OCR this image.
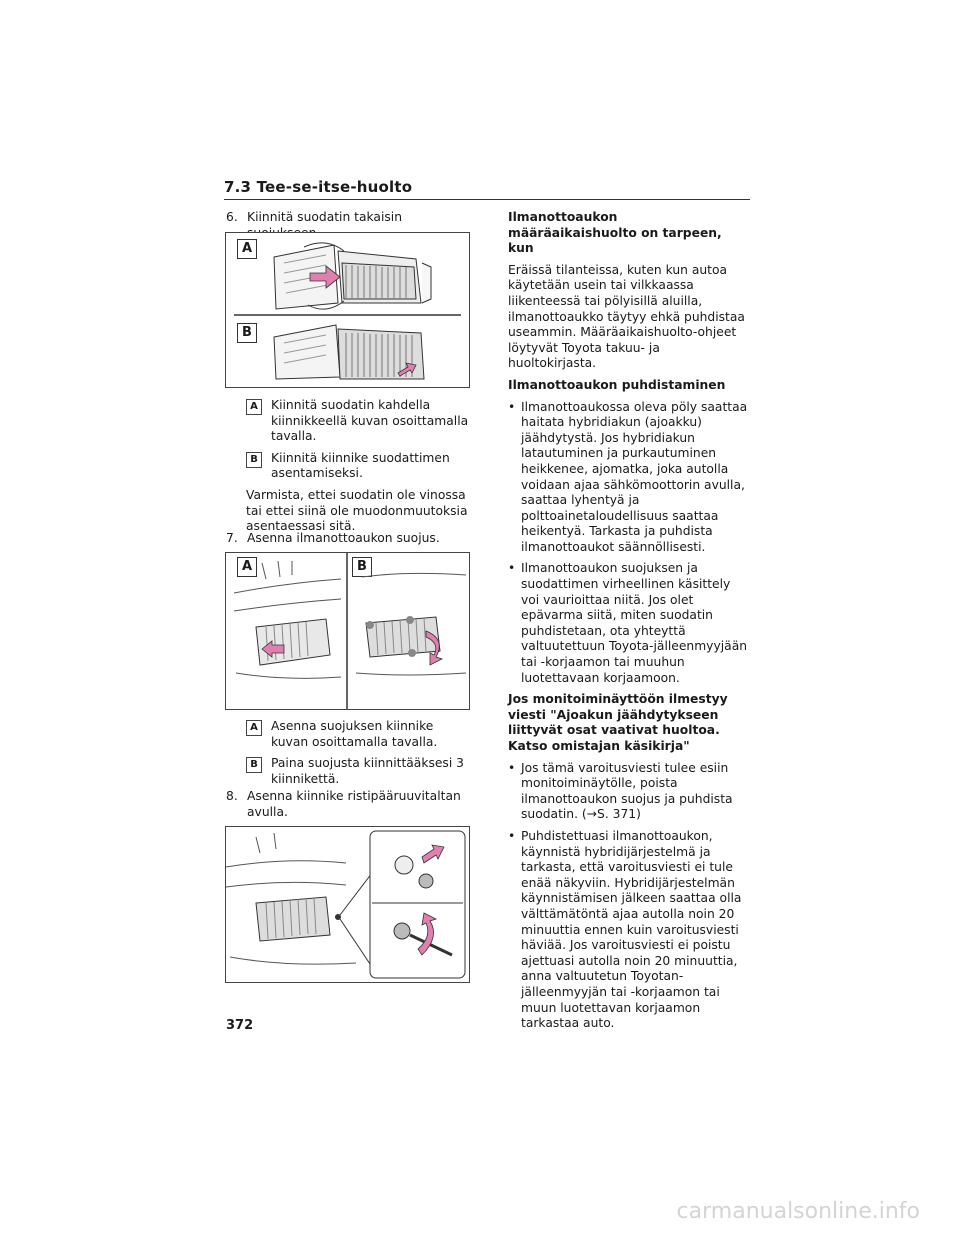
7.3 Tee-se-itse-huolto
6. Kiinnitä suodatin takaisin
A
B
A	Kiinnitä suodatin kahdella kiinnikkeellä kuvan osoittamalla tavalla.
B	Kiinnitä kiinnike suodattimen asentamiseksi.

Varmista, ettei suodatin ole vinossa tai ettei siinä ole muodonmuutoksia asentaessasi sitä.

7. Asenna ilmanottoaukon suojus.
A	B
A	Asenna suojuksen kiinnike kuvan osoittamalla tavalla.
B	Paina suojusta kiinnittääksesi 3 kiinnikettä.
8. Asenna kiinnike ristipääruuvitaltan avulla.

Ilmanottoaukon määräaikaishuolto on tarpeen, kun

Eräissä tilanteissa, kuten kun autoa käytetään usein tai vilkkaassa liikenteessä tai pölyisillä aluilla, ilmanottoaukko täytyy ehkä puhdistaa useammin. Määräaikaishuolto-ohjeet löytyvät Toyota takuu- ja huoltokirjasta.

Ilmanottoaukon puhdistaminen

• Ilmanottoaukossa oleva pöly saattaa haitata hybridiakun (ajoakku) jäähdytystä. Jos hybridiakun latautuminen ja purkautuminen heikkenee, ajomatka, joka autolla voidaan ajaa sähkömoottorin avulla, saattaa lyhentyä ja polttoainetaloudellisuus saattaa heikentyä. Tarkasta ja puhdista ilmanottoaukot säännöllisesti.
• Ilmanottoaukon suojuksen ja suodattimen virheellinen käsittely voi vaurioittaa niitä. Jos olet epävarma siitä, miten suodatin puhdistetaan, ota yhteyttä valtuutettuun Toyota-jälleenmyyjään tai -korjaamon tai muuhun luotettavaan korjaamoon.

Jos monitoiminäyttöön ilmestyy viesti "Ajoakun jäähdytykseen liittyvät osat vaativat huoltoa. Katso omistajan käsikirja"

• Jos tämä varoitusviesti tulee esiin monitoiminäytölle, poista ilmanottoaukon suojus ja puhdista suodatin. (→S. 371)
• Puhdistettuasi ilmanottoaukon, käynnistä hybridijärjestelmä ja tarkasta, että varoitusviesti ei tule enää näkyviin. Hybridijärjestelmän käynnistämisen jälkeen saattaa olla välttämätöntä ajaa autolla noin 20 minuuttia ennen kuin varoitusviesti häviää. Jos varoitusviesti ei poistu ajettuasi autolla noin 20 minuuttia, anna valtuutetun Toyotan-jälleenmyyjän tai -korjaamon tai muun luotettavan korjaamon tarkastaa auto.
372
carmanualsonline.info
